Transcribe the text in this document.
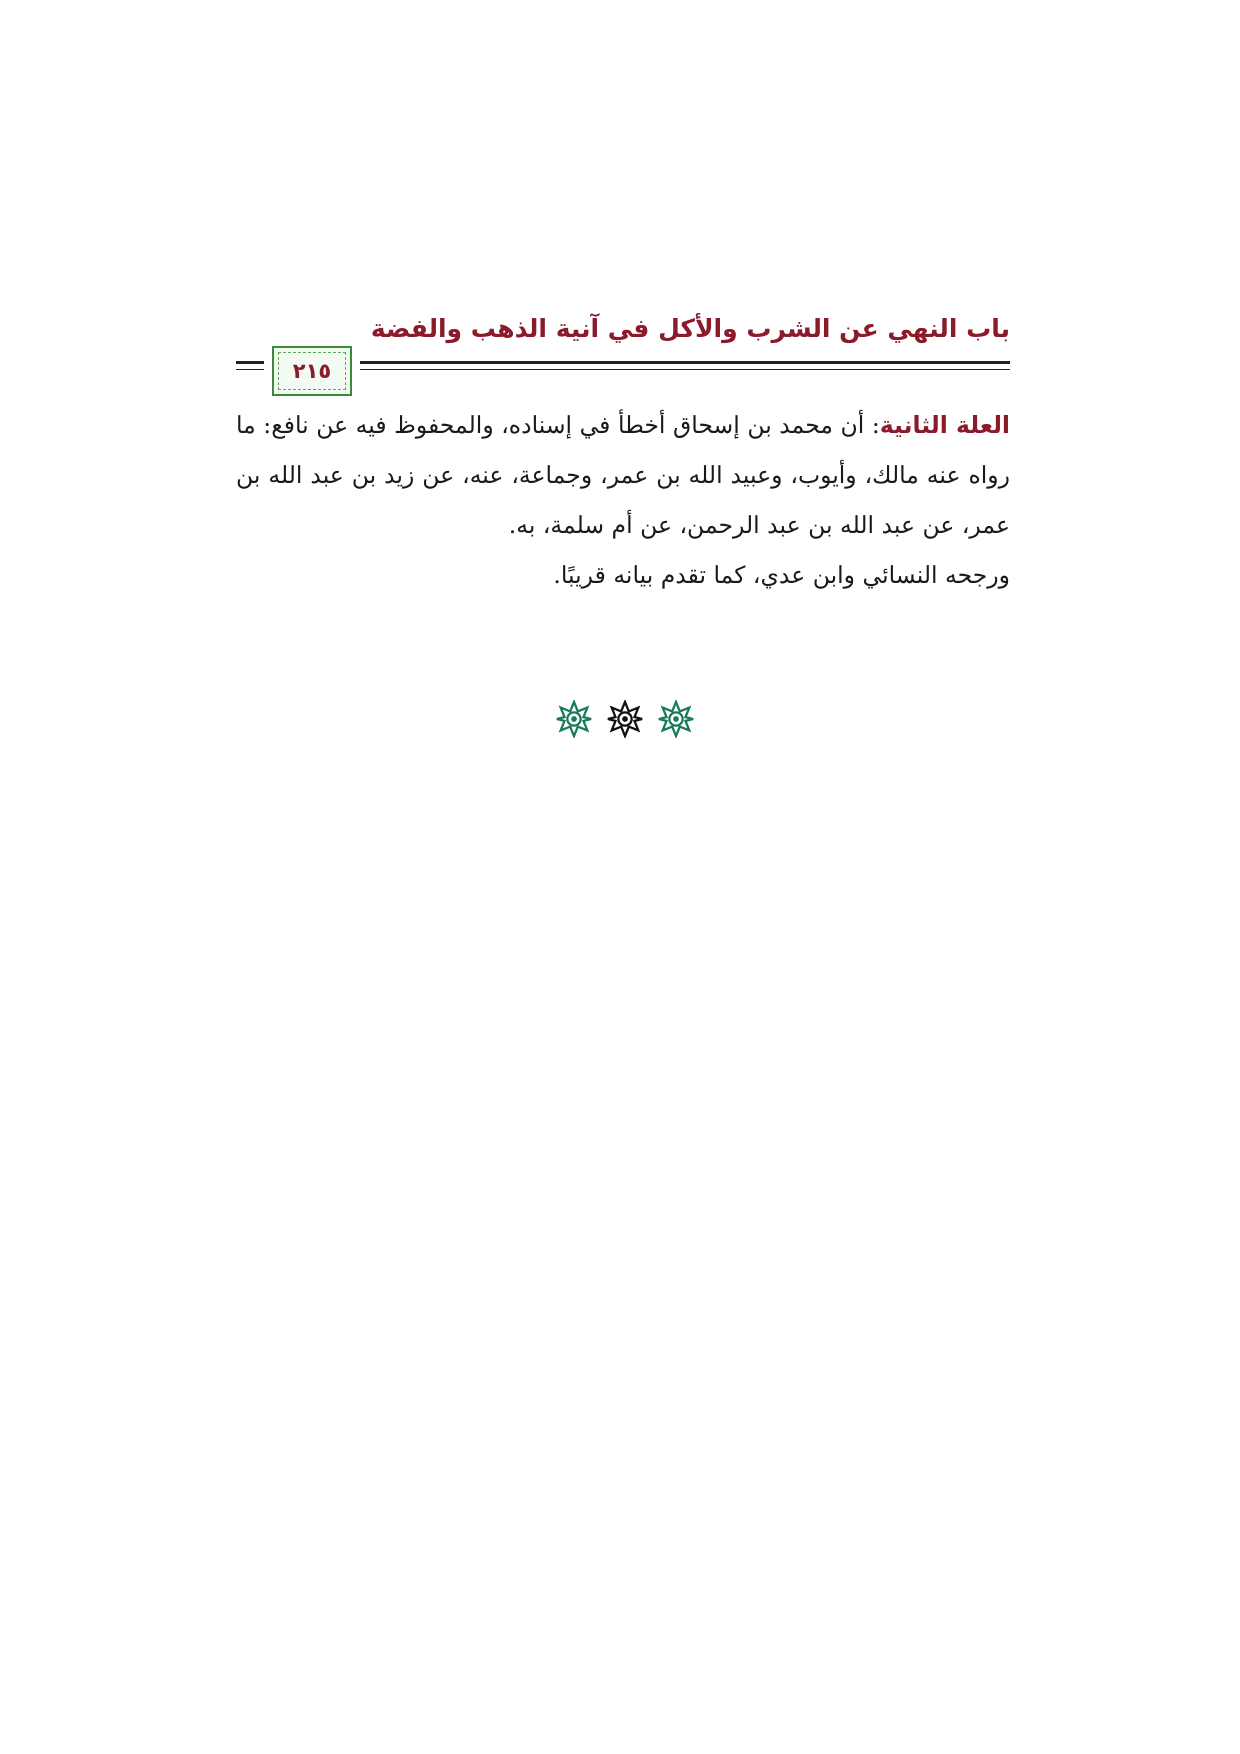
باب النهي عن الشرب والأكل في آنية الذهب والفضة
٢١٥

العلة الثانية: أن محمد بن إسحاق أخطأ في إسناده، والمحفوظ فيه عن نافع: ما رواه عنه مالك، وأيوب، وعبيد الله بن عمر، وجماعة، عنه، عن زيد بن عبد الله بن عمر، عن عبد الله بن عبد الرحمن، عن أم سلمة، به.

ورجحه النسائي وابن عدي، كما تقدم بيانه قريبًا.
